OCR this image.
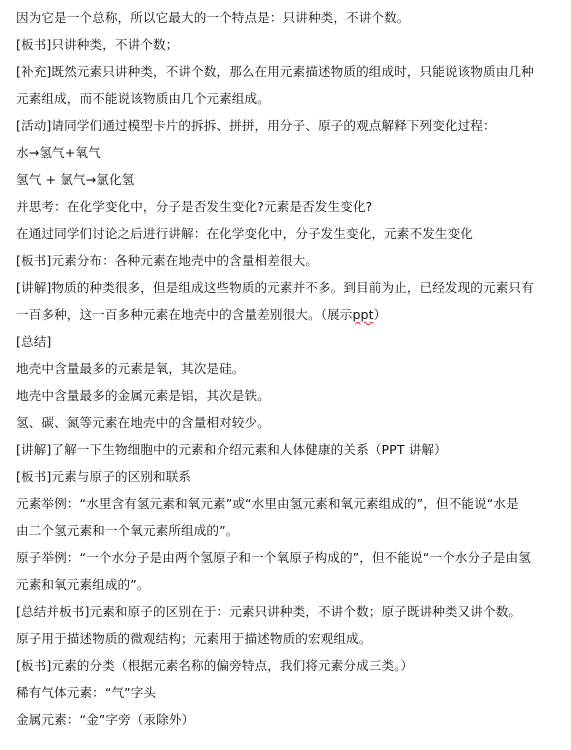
因为它是一个总称，所以它最大的一个特点是：只讲种类，不讲个数。
[板书]只讲种类，不讲个数；
[补充]既然元素只讲种类，不讲个数，那么在用元素描述物质的组成时，只能说该物质由几种
元素组成，而不能说该物质由几个元素组成。
[活动]请同学们通过模型卡片的拆拆、拼拼，用分子、原子的观点解释下列变化过程：
水→氢气+氧气
氢气 + 氯气→氯化氢
并思考：在化学变化中，分子是否发生变化?元素是否发生变化?
在通过同学们讨论之后进行讲解：在化学变化中，分子发生变化，元素不发生变化
[板书]元素分布：各种元素在地壳中的含量相差很大。
[讲解]物质的种类很多，但是组成这些物质的元素并不多。到目前为止，已经发现的元素只有
一百多种，这一百多种元素在地壳中的含量差别很大。（展示ppt）
[总结]
地壳中含量最多的元素是氧，其次是硅。
地壳中含量最多的金属元素是铝，其次是铁。
氢、碳、氮等元素在地壳中的含量相对较少。
[讲解]了解一下生物细胞中的元素和介绍元素和人体健康的关系（PPT 讲解）
[板书]元素与原子的区别和联系
元素举例：“水里含有氢元素和氧元素”或“水里由氢元素和氧元素组成的”，但不能说“水是
由二个氢元素和一个氧元素所组成的”。
原子举例：“一个水分子是由两个氢原子和一个氧原子构成的”，但不能说“一个水分子是由氢
元素和氧元素组成的”。
[总结并板书]元素和原子的区别在于：元素只讲种类，不讲个数；原子既讲种类又讲个数。
原子用于描述物质的微观结构；元素用于描述物质的宏观组成。
[板书]元素的分类（根据元素名称的偏旁特点，我们将元素分成三类。）
稀有气体元素：“气”字头
金属元素：“金”字旁（汞除外）
